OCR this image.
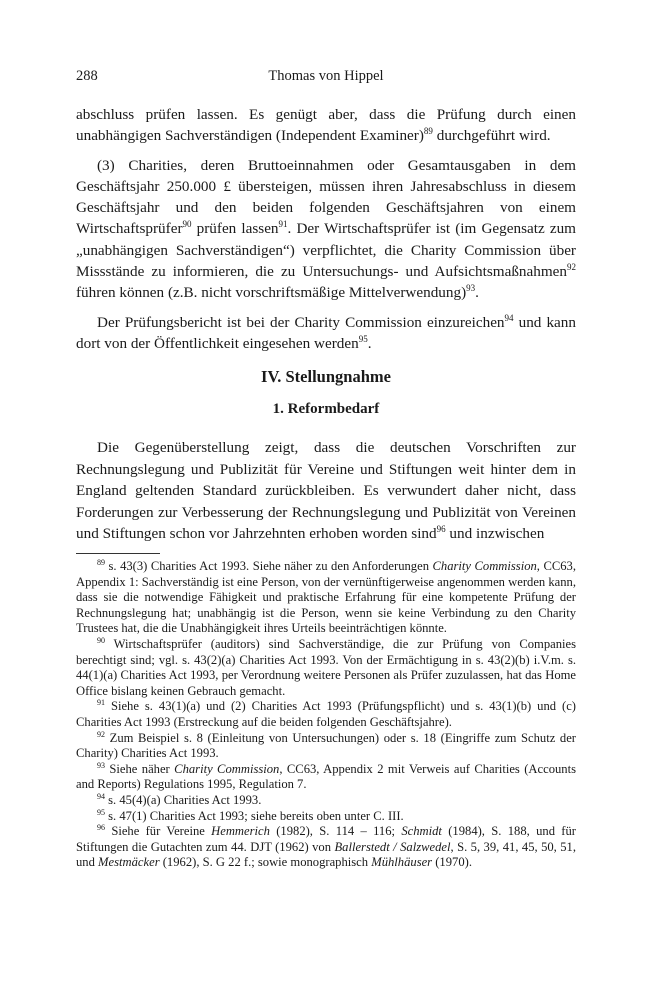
288	Thomas von Hippel

abschluss prüfen lassen. Es genügt aber, dass die Prüfung durch einen unabhängigen Sachverständigen (Independent Examiner)$^{89}$ durchgeführt wird.

(3) Charities, deren Bruttoeinnahmen oder Gesamtausgaben in dem Geschäftsjahr 250.000 £ übersteigen, müssen ihren Jahresabschluss in diesem Geschäftsjahr und den beiden folgenden Geschäftsjahren von einem Wirtschaftsprüfer$^{90}$ prüfen lassen$^{91}$. Der Wirtschaftsprüfer ist (im Gegensatz zum „unabhängigen Sachverständigen“) verpflichtet, die Charity Commission über Missstände zu informieren, die zu Untersuchungs- und Aufsichtsmaßnahmen$^{92}$ führen können (z.B. nicht vorschriftsmäßige Mittelverwendung)$^{93}$.

Der Prüfungsbericht ist bei der Charity Commission einzureichen$^{94}$ und kann dort von der Öffentlichkeit eingesehen werden$^{95}$.

IV. Stellungnahme
1. Reformbedarf

Die Gegenüberstellung zeigt, dass die deutschen Vorschriften zur Rechnungslegung und Publizität für Vereine und Stiftungen weit hinter dem in England geltenden Standard zurückbleiben. Es verwundert daher nicht, dass Forderungen zur Verbesserung der Rechnungslegung und Publizität von Vereinen und Stiftungen schon vor Jahrzehnten erhoben worden sind$^{96}$ und inzwischen

$^{89}$ s. 43(3) Charities Act 1993. Siehe näher zu den Anforderungen Charity Commission, CC63, Appendix 1: Sachverständig ist eine Person, von der vernünftigerweise angenommen werden kann, dass sie die notwendige Fähigkeit und praktische Erfahrung für eine kompetente Prüfung der Rechnungslegung hat; unabhängig ist die Person, wenn sie keine Verbindung zu den Charity Trustees hat, die die Unabhängigkeit ihres Urteils beeinträchtigen könnte.

$^{90}$ Wirtschaftsprüfer (auditors) sind Sachverständige, die zur Prüfung von Companies berechtigt sind; vgl. s. 43(2)(a) Charities Act 1993. Von der Ermächtigung in s. 43(2)(b) i.V.m. s. 44(1)(a) Charities Act 1993, per Verordnung weitere Personen als Prüfer zuzulassen, hat das Home Office bislang keinen Gebrauch gemacht.

$^{91}$ Siehe s. 43(1)(a) und (2) Charities Act 1993 (Prüfungspflicht) und s. 43(1)(b) und (c) Charities Act 1993 (Erstreckung auf die beiden folgenden Geschäftsjahre).

$^{92}$ Zum Beispiel s. 8 (Einleitung von Untersuchungen) oder s. 18 (Eingriffe zum Schutz der Charity) Charities Act 1993.

$^{93}$ Siehe näher Charity Commission, CC63, Appendix 2 mit Verweis auf Charities (Accounts and Reports) Regulations 1995, Regulation 7.

$^{94}$ s. 45(4)(a) Charities Act 1993.

$^{95}$ s. 47(1) Charities Act 1993; siehe bereits oben unter C. III.

$^{96}$ Siehe für Vereine Hemmerich (1982), S. 114 – 116; Schmidt (1984), S. 188, und für Stiftungen die Gutachten zum 44. DJT (1962) von Ballerstedt / Salzwedel, S. 5, 39, 41, 45, 50, 51, und Mestmäcker (1962), S. G 22 f.; sowie monographisch Mühlhäuser (1970).
